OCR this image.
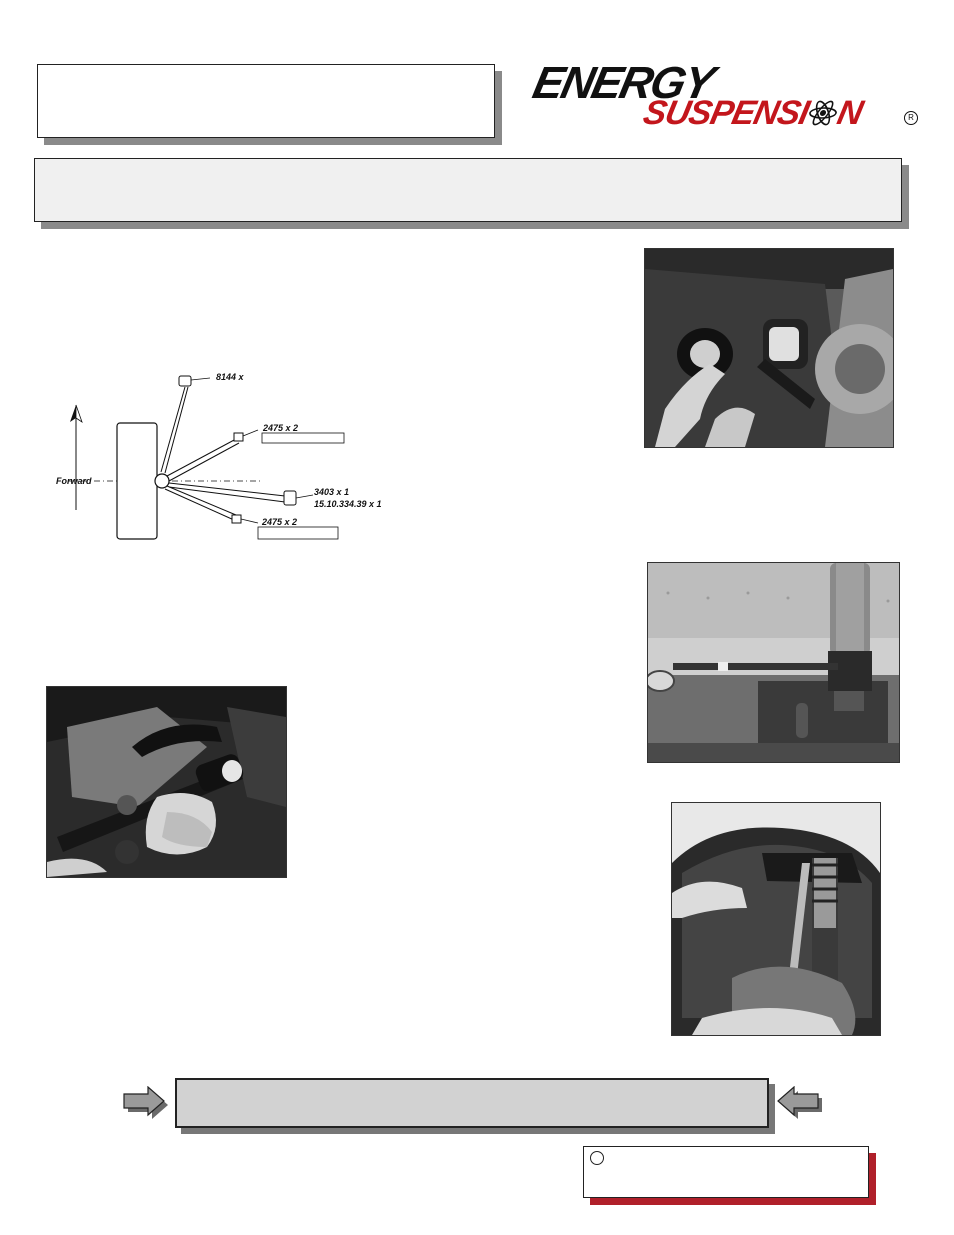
ENERGY
SUSPENSI N	R
Forward
8144 x
2475 x 2
3403 x 1
15.10.334.39 x 1
2475 x 2
